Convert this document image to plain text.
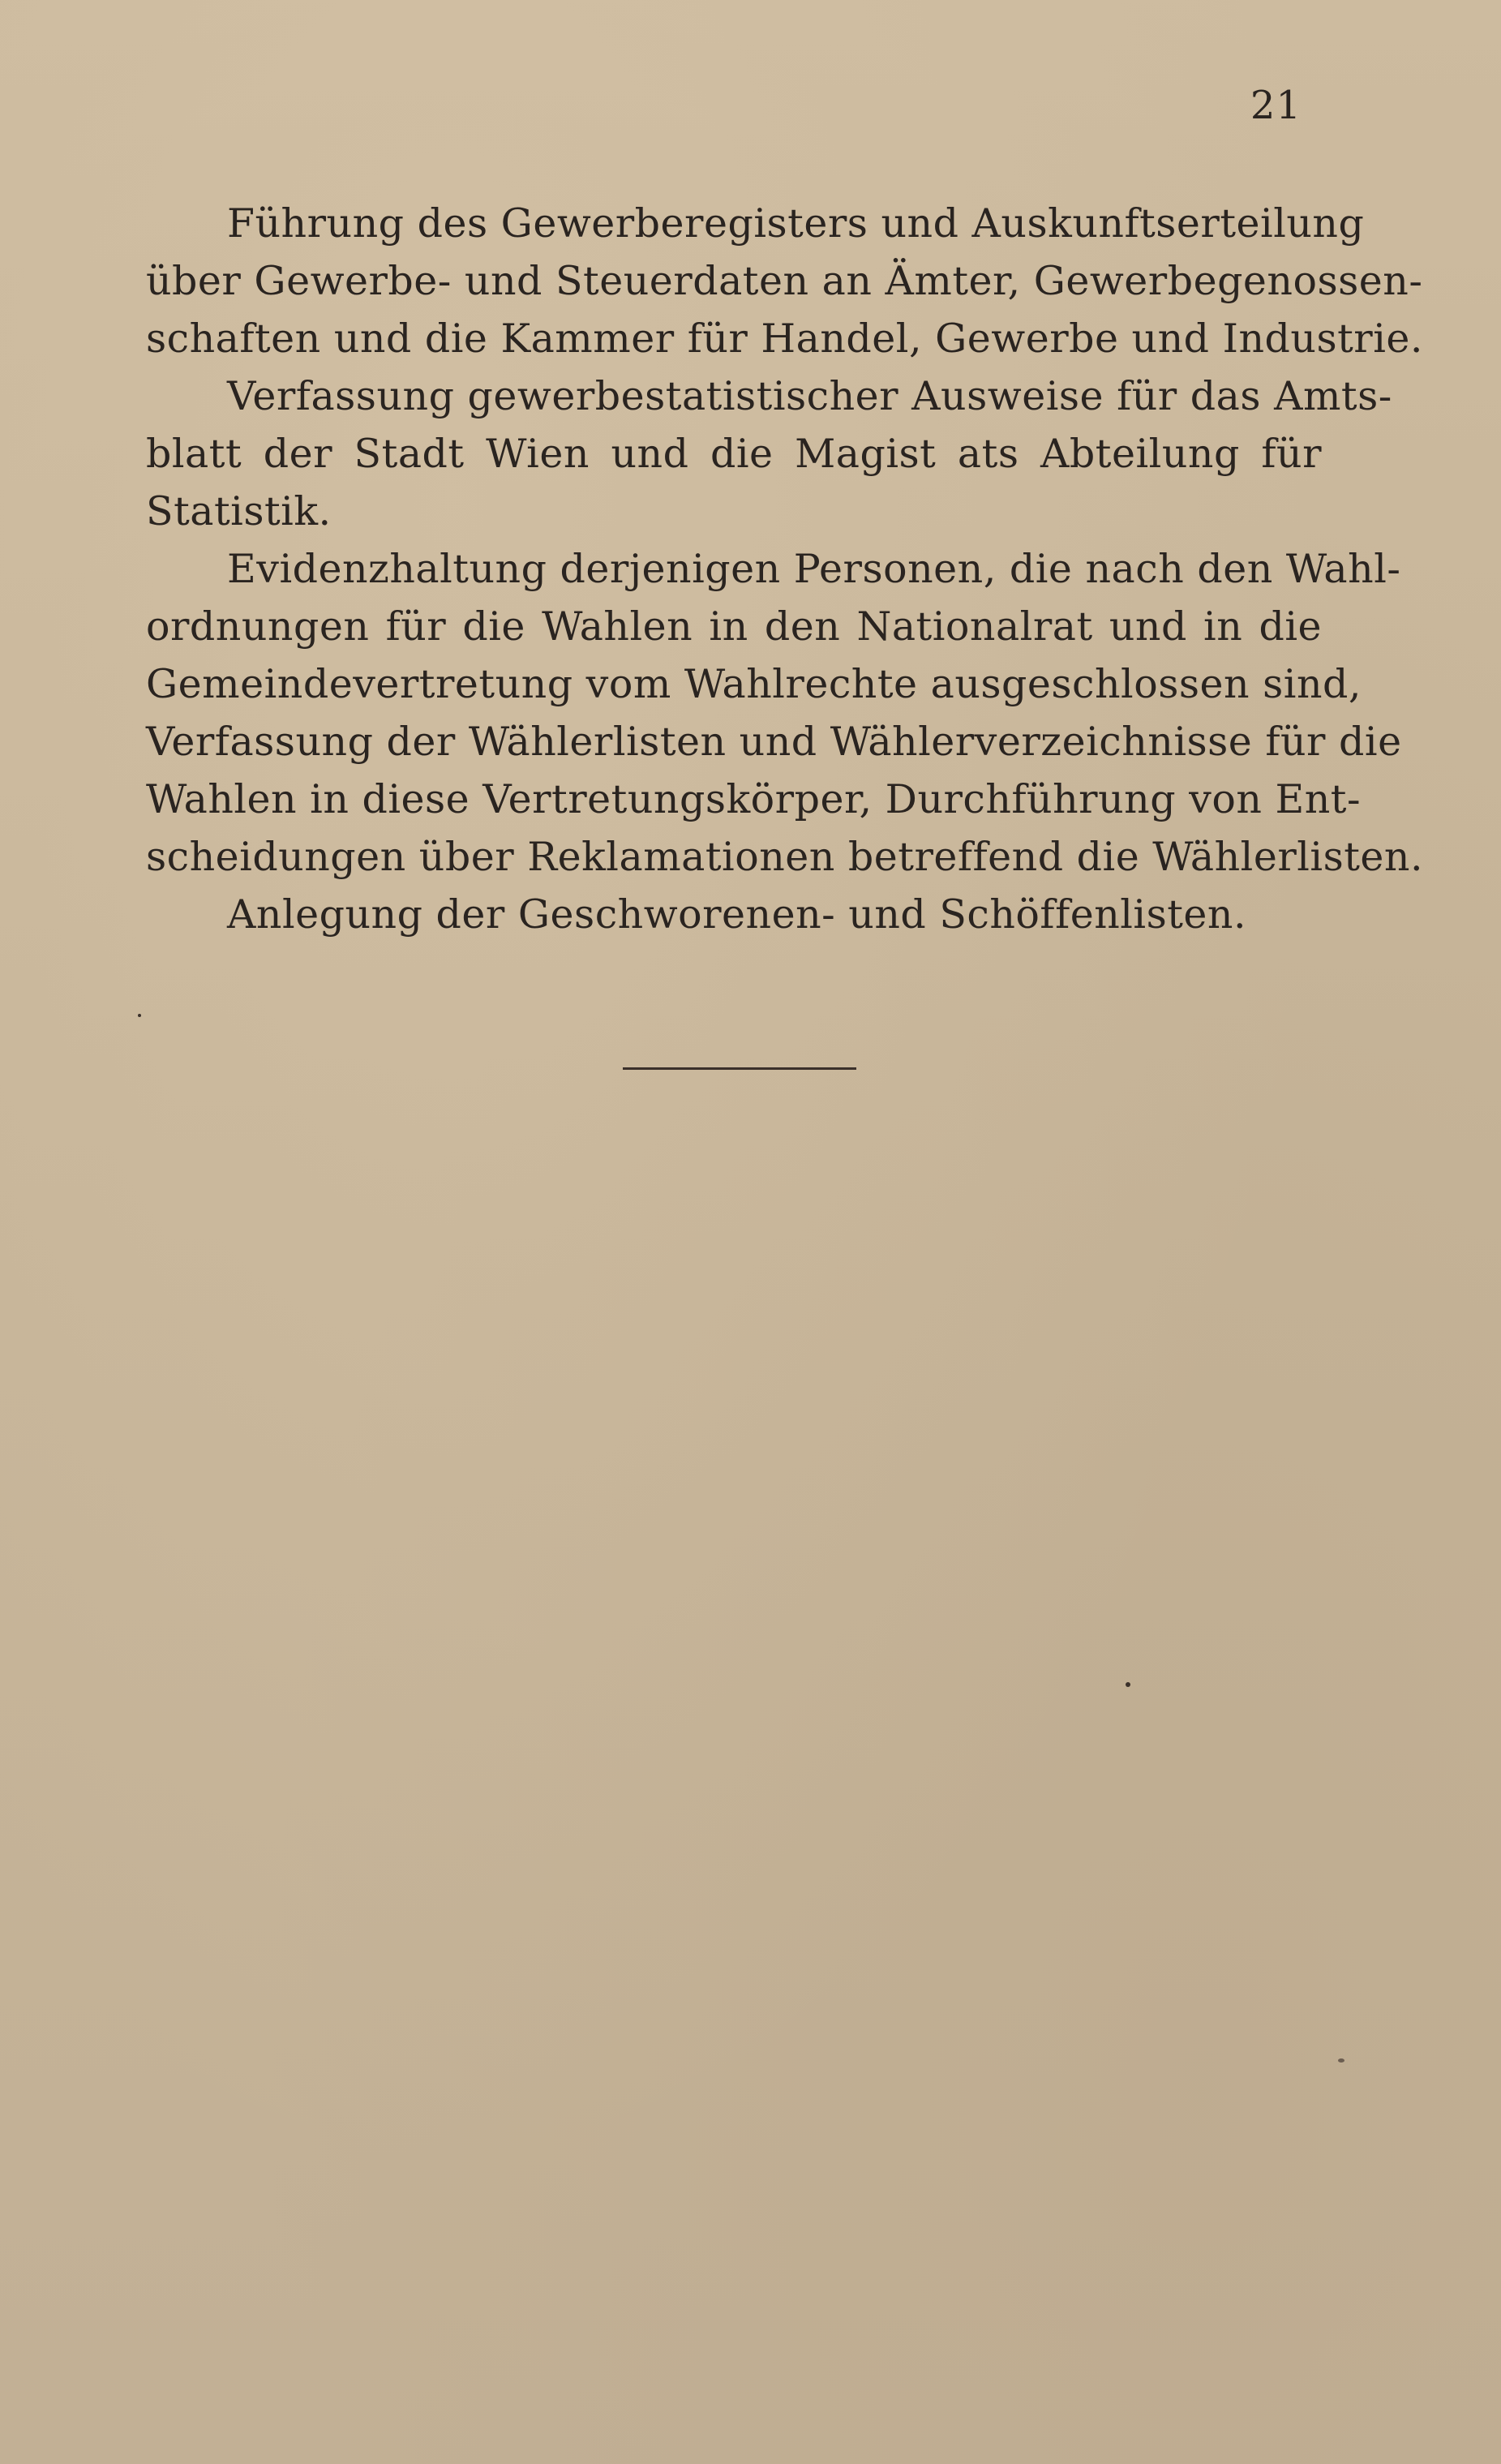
21
Führung des Gewerberegisters und Auskunftserteilung
über Gewerbe- und Steuerdaten an Ämter, Gewerbegenossen-
schaften und die Kammer für Handel, Gewerbe und Industrie.
Verfassung gewerbestatistischer Ausweise für das Amts-
blatt der Stadt Wien und die Magist ats Abteilung für
Statistik.
Evidenzhaltung derjenigen Personen, die nach den Wahl-
ordnungen für die Wahlen in den Nationalrat und in die
Gemeindevertretung vom Wahlrechte ausgeschlossen sind,
Verfassung der Wählerlisten und Wählerverzeichnisse für die
Wahlen in diese Vertretungskörper, Durchführung von Ent-
scheidungen über Reklamationen betreffend die Wählerlisten.
Anlegung der Geschworenen- und Schöffenlisten.
